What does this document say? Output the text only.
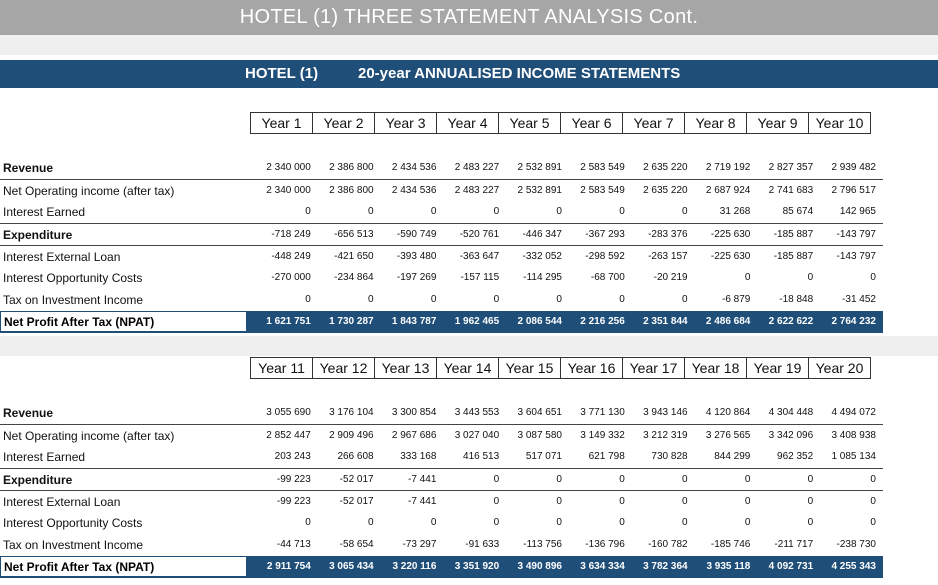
HOTEL (1) THREE STATEMENT ANALYSIS Cont.
HOTEL (1)	20-year ANNUALISED INCOME STATEMENTS
Year 1	Year 2	Year 3	Year 4	Year 5	Year 6	Year 7	Year 8	Year 9	Year 10
Revenue	2 340 000	2 386 800	2 434 536	2 483 227	2 532 891	2 583 549	2 635 220	2 719 192	2 827 357	2 939 482
Net Operating income (after tax)	2 340 000	2 386 800	2 434 536	2 483 227	2 532 891	2 583 549	2 635 220	2 687 924	2 741 683	2 796 517
Interest Earned	0	0	0	0	0	0	0	31 268	85 674	142 965
Expenditure	-718 249	-656 513	-590 749	-520 761	-446 347	-367 293	-283 376	-225 630	-185 887	-143 797
Interest External Loan	-448 249	-421 650	-393 480	-363 647	-332 052	-298 592	-263 157	-225 630	-185 887	-143 797
Interest Opportunity Costs	-270 000	-234 864	-197 269	-157 115	-114 295	-68 700	-20 219	0	0	0
Tax on Investment Income	0	0	0	0	0	0	0	-6 879	-18 848	-31 452
Net Profit After Tax (NPAT)	1 621 751	1 730 287	1 843 787	1 962 465	2 086 544	2 216 256	2 351 844	2 486 684	2 622 622	2 764 232
Year 11	Year 12	Year 13	Year 14	Year 15	Year 16	Year 17	Year 18	Year 19	Year 20
Revenue	3 055 690	3 176 104	3 300 854	3 443 553	3 604 651	3 771 130	3 943 146	4 120 864	4 304 448	4 494 072
Net Operating income (after tax)	2 852 447	2 909 496	2 967 686	3 027 040	3 087 580	3 149 332	3 212 319	3 276 565	3 342 096	3 408 938
Interest Earned	203 243	266 608	333 168	416 513	517 071	621 798	730 828	844 299	962 352	1 085 134
Expenditure	-99 223	-52 017	-7 441	0	0	0	0	0	0	0
Interest External Loan	-99 223	-52 017	-7 441	0	0	0	0	0	0	0
Interest Opportunity Costs	0	0	0	0	0	0	0	0	0	0
Tax on Investment Income	-44 713	-58 654	-73 297	-91 633	-113 756	-136 796	-160 782	-185 746	-211 717	-238 730
Net Profit After Tax (NPAT)	2 911 754	3 065 434	3 220 116	3 351 920	3 490 896	3 634 334	3 782 364	3 935 118	4 092 731	4 255 343
